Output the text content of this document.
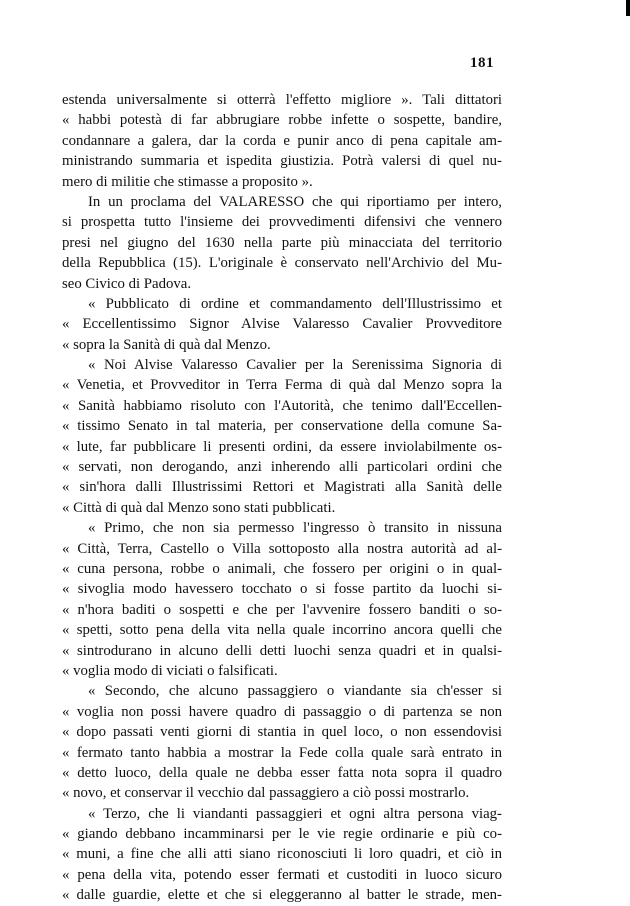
181
estenda universalmente si otterrà l'effetto migliore ». Tali dittatori
« habbi potestà di far abbrugiare robbe infette o sospette, bandire,
condannare a galera, dar la corda e punir anco di pena capitale am-
ministrando summaria et ispedita giustizia. Potrà valersi di quel nu-
mero di militie che stimasse a proposito ».
In un proclama del VALARESSO che qui riportiamo per intero,
si prospetta tutto l'insieme dei provvedimenti difensivi che vennero
presi nel giugno del 1630 nella parte più minacciata del territorio
della Repubblica (15). L'originale è conservato nell'Archivio del Mu-
seo Civico di Padova.
« Pubblicato di ordine et commandamento dell'Illustrissimo et
« Eccellentissimo Signor Alvise Valaresso Cavalier Provveditore
« sopra la Sanità di quà dal Menzo.
« Noi Alvise Valaresso Cavalier per la Serenissima Signoria di
« Venetia, et Provveditor in Terra Ferma di quà dal Menzo sopra la
« Sanità habbiamo risoluto con l'Autorità, che tenimo dall'Eccellen-
« tissimo Senato in tal materia, per conservatione della comune Sa-
« lute, far pubblicare li presenti ordini, da essere inviolabilmente os-
« servati, non derogando, anzi inherendo alli particolari ordini che
« sin'hora dalli Illustrissimi Rettori et Magistrati alla Sanità delle
« Città di quà dal Menzo sono stati pubblicati.
« Primo, che non sia permesso l'ingresso ò transito in nissuna
« Città, Terra, Castello o Villa sottoposto alla nostra autorità ad al-
« cuna persona, robbe o animali, che fossero per origini o in qual-
« sivoglia modo havessero tocchato o si fosse partito da luochi si-
« n'hora baditi o sospetti e che per l'avvenire fossero banditi o so-
« spetti, sotto pena della vita nella quale incorrino ancora quelli che
« sintrodurano in alcuno delli detti luochi senza quadri et in qualsi-
« voglia modo di viciati o falsificati.
« Secondo, che alcuno passaggiero o viandante sia ch'esser si
« voglia non possi havere quadro di passaggio o di partenza se non
« dopo passati venti giorni di stantia in quel loco, o non essendovisi
« fermato tanto habbia a mostrar la Fede colla quale sarà entrato in
« detto luoco, della quale ne debba esser fatta nota sopra il quadro
« novo, et conservar il vecchio dal passaggiero a ciò possi mostrarlo.
« Terzo, che li viandanti passaggieri et ogni altra persona viag-
« giando debbano incamminarsi per le vie regie ordinarie e più co-
« muni, a fine che alli atti siano riconosciuti li loro quadri, et ciò in
« pena della vita, potendo esser fermati et custoditi in luoco sicuro
« dalle guardie, elette et che si eleggeranno al batter le strade, men-
